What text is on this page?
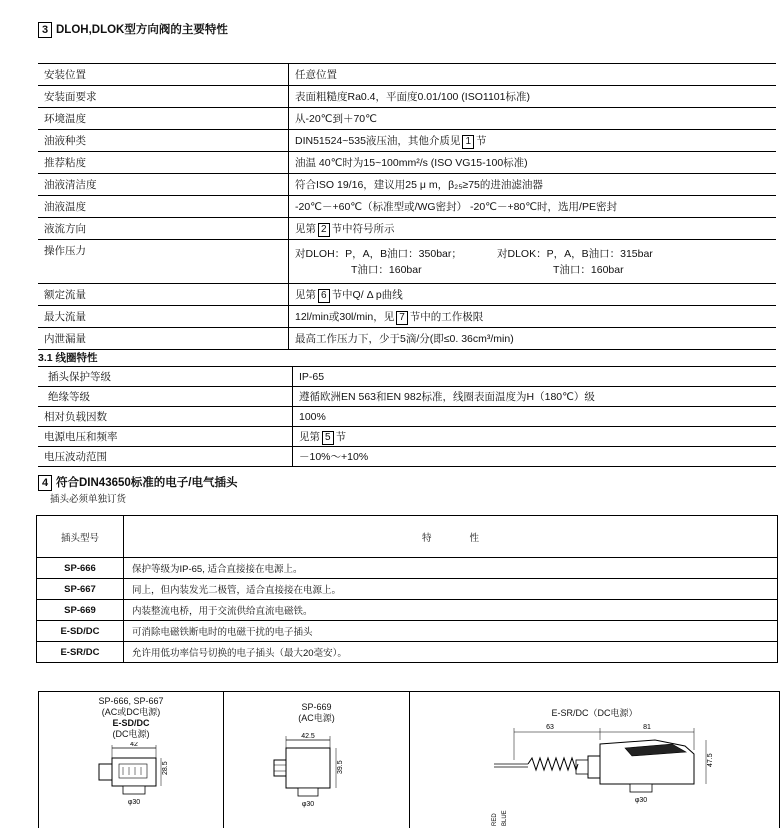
3 DLOH,DLOK型方向阀的主要特性
安装位置	任意位置
安装面要求	表面粗糙度Ra0.4，平面度0.01/100 (ISO1101标准)
环境温度	从-20℃到＋70℃
油液种类	DIN51524~535液压油，其他介质见 1 节
推荐粘度	油温 40℃时为15~100mm²/s (ISO VG15-100标准)
油液清洁度	符合ISO 19/16，建议用25 μ m，β₂₅≥75的进油滤油器
油液温度	-20℃－+60℃（标准型或/WG密封） -20℃－+80℃时，选用/PE密封
液流方向	见第 2 节中符号所示
操作压力	对DLOH：P，A，B油口：350bar； 对DLOK：P，A，B油口：315bar
T油口：160bar T油口：160bar

额定流量	见第 6 节中Q/ Δ p曲线
最大流量	12l/min或30l/min，见 7 节中的工作极限
内泄漏量	最高工作压力下，少于5滴/分(即≤0. 36cm³/min)
3.1 线圈特性
插头保护等级	IP-65
绝缘等级	遵循欧洲EN 563和EN 982标准，线圈表面温度为H（180℃）级
相对负载因数	100%
电源电压和频率	见第 5 节
电压波动范围	－10%～+10%
4 符合DIN43650标准的电子/电气插头
插头必须单独订货
插头型号	特　　　　性
SP-666	保护等级为IP-65, 适合直接接在电源上。
SP-667	同上，但内装发光二极管，适合直接接在电源上。
SP-669	内装整流电桥，用于交流供给直流电磁铁。
E-SD/DC	可消除电磁铁断电时的电磁干扰的电子插头
E-SR/DC	允许用低功率信号切换的电子插头（最大20毫安）。
SP-666, SP-667
(AC或DC电源)
E-SD/DC
(DC电源)
42
28.5
φ30
SP-669
(AC电源)
42.5
39.5
φ30
E-SR/DC（DC电源）
63	81
47.5
φ30
RED BLUE
